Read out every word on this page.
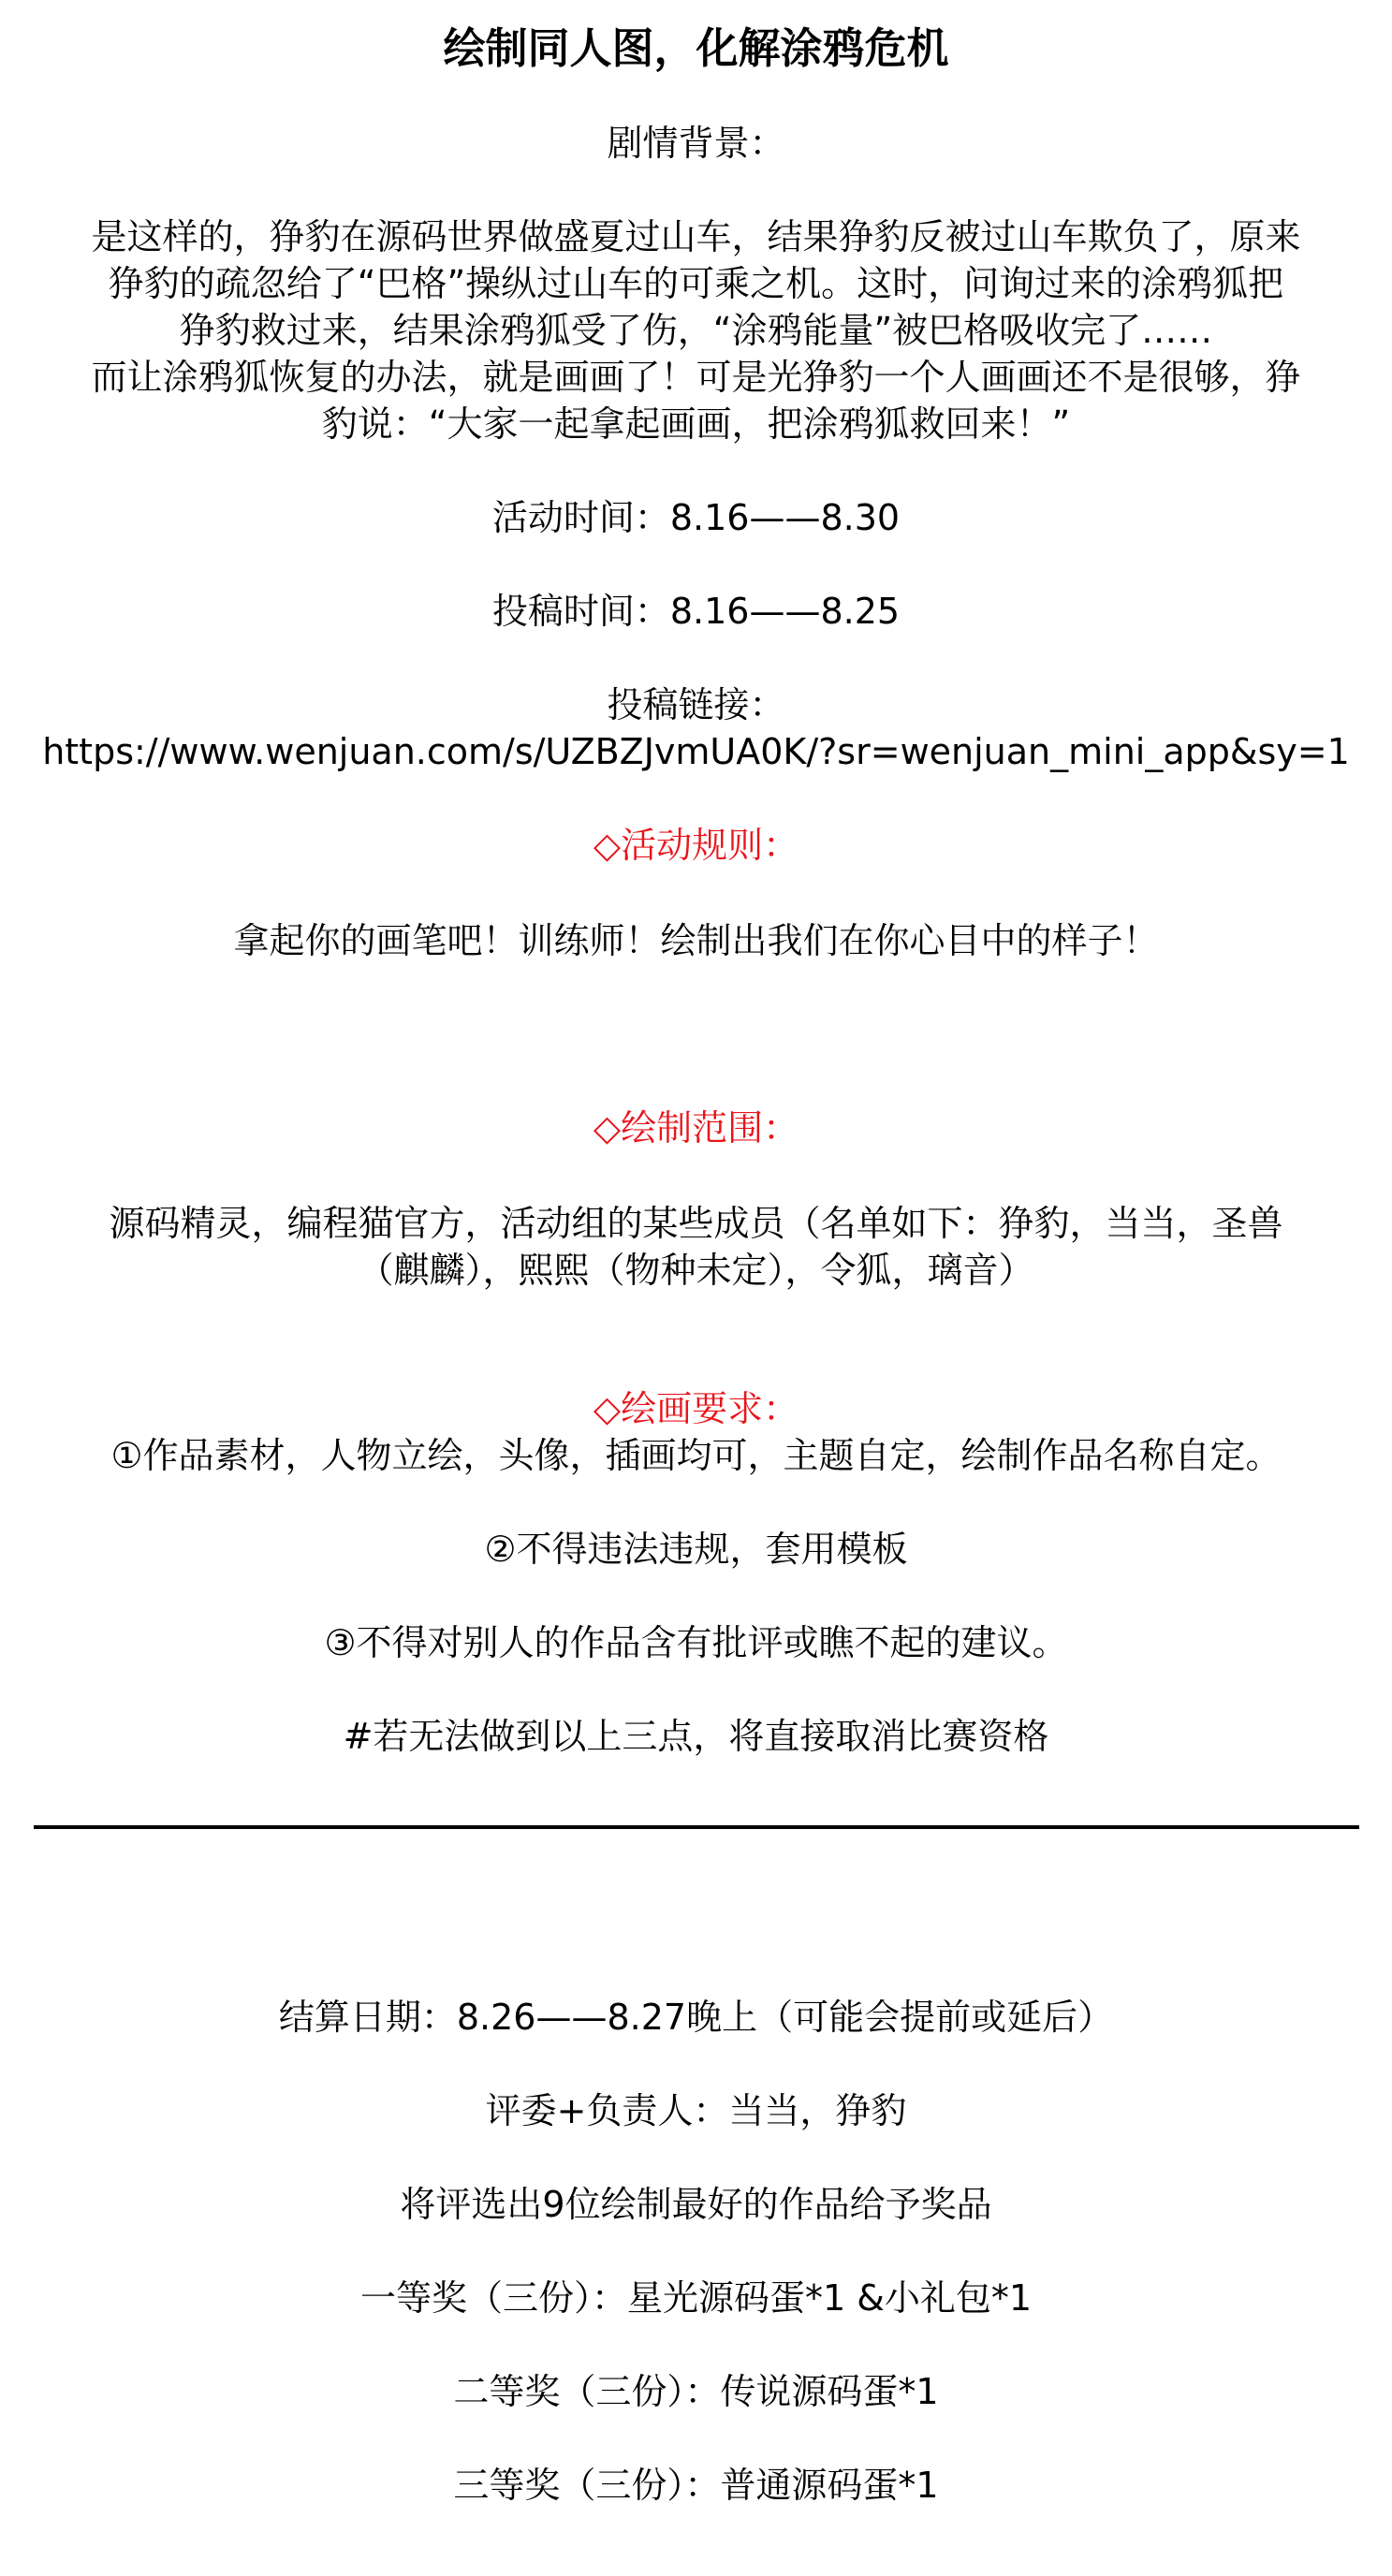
绘制同人图，化解涂鸦危机

剧情背景：

是这样的，狰豹在源码世界做盛夏过山车，结果狰豹反被过山车欺负了，原来

狰豹的疏忽给了“巴格”操纵过山车的可乘之机。这时，问询过来的涂鸦狐把

狰豹救过来，结果涂鸦狐受了伤，“涂鸦能量”被巴格吸收完了……

而让涂鸦狐恢复的办法，就是画画了！可是光狰豹一个人画画还不是很够，狰

豹说：“大家一起拿起画画，把涂鸦狐救回来！”

活动时间：8.16——8.30

投稿时间：8.16——8.25

投稿链接：

https://www.wenjuan.com/s/UZBZJvmUA0K/?sr=wenjuan_mini_app&sy=1

◇活动规则：

拿起你的画笔吧！训练师！绘制出我们在你心目中的样子！

◇绘制范围：

源码精灵，编程猫官方，活动组的某些成员（名单如下：狰豹，当当，圣兽

（麒麟），熙熙（物种未定），令狐，璃音）

◇绘画要求：

①作品素材，人物立绘，头像，插画均可，主题自定，绘制作品名称自定。

②不得违法违规，套用模板

③不得对别人的作品含有批评或瞧不起的建议。

#若无法做到以上三点，将直接取消比赛资格

结算日期：8.26——8.27晚上（可能会提前或延后）

评委+负责人：当当，狰豹

将评选出9位绘制最好的作品给予奖品

一等奖（三份）：星光源码蛋*1 &小礼包*1

二等奖（三份）：传说源码蛋*1

三等奖（三份）：普通源码蛋*1
